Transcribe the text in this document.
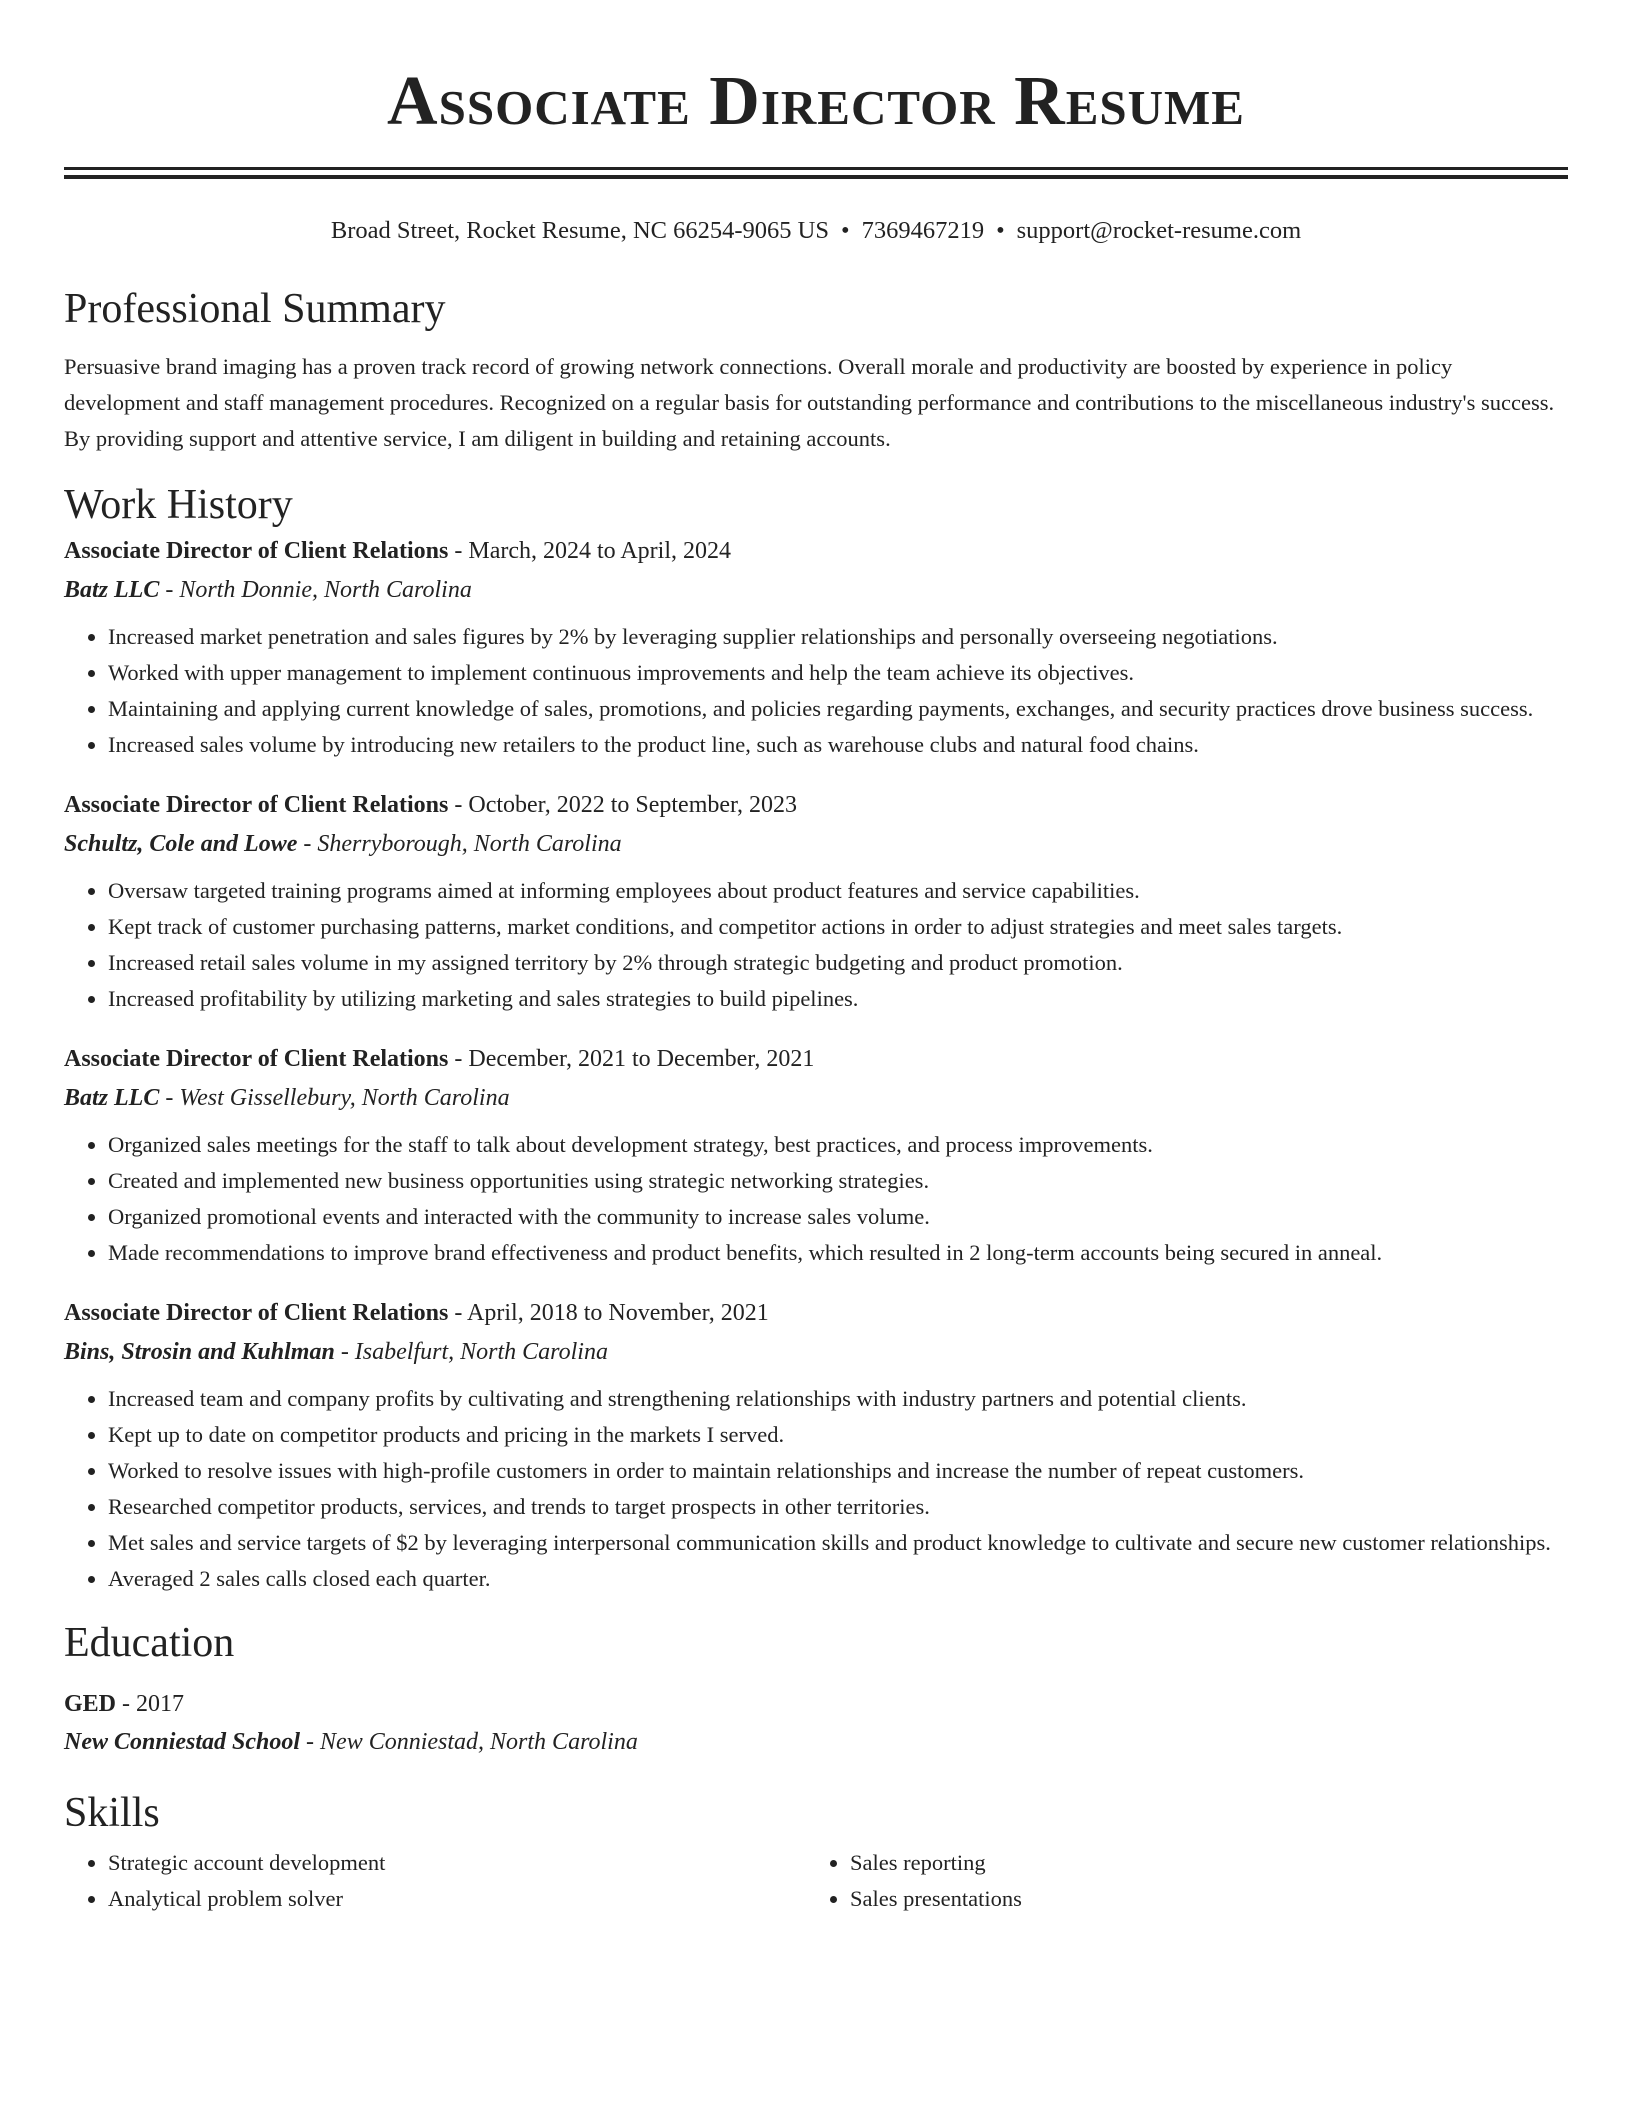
Associate Director Resume
Broad Street, Rocket Resume, NC 66254-9065 US • 7369467219 • support@rocket-resume.com
Professional Summary
Persuasive brand imaging has a proven track record of growing network connections. Overall morale and productivity are boosted by experience in policy development and staff management procedures. Recognized on a regular basis for outstanding performance and contributions to the miscellaneous industry's success. By providing support and attentive service, I am diligent in building and retaining accounts.
Work History
Associate Director of Client Relations - March, 2024 to April, 2024
Batz LLC - North Donnie, North Carolina
• Increased market penetration and sales figures by 2% by leveraging supplier relationships and personally overseeing negotiations.
• Worked with upper management to implement continuous improvements and help the team achieve its objectives.
• Maintaining and applying current knowledge of sales, promotions, and policies regarding payments, exchanges, and security practices drove business success.
• Increased sales volume by introducing new retailers to the product line, such as warehouse clubs and natural food chains.
Associate Director of Client Relations - October, 2022 to September, 2023
Schultz, Cole and Lowe - Sherryborough, North Carolina
• Oversaw targeted training programs aimed at informing employees about product features and service capabilities.
• Kept track of customer purchasing patterns, market conditions, and competitor actions in order to adjust strategies and meet sales targets.
• Increased retail sales volume in my assigned territory by 2% through strategic budgeting and product promotion.
• Increased profitability by utilizing marketing and sales strategies to build pipelines.
Associate Director of Client Relations - December, 2021 to December, 2021
Batz LLC - West Gissellebury, North Carolina
• Organized sales meetings for the staff to talk about development strategy, best practices, and process improvements.
• Created and implemented new business opportunities using strategic networking strategies.
• Organized promotional events and interacted with the community to increase sales volume.
• Made recommendations to improve brand effectiveness and product benefits, which resulted in 2 long-term accounts being secured in anneal.
Associate Director of Client Relations - April, 2018 to November, 2021
Bins, Strosin and Kuhlman - Isabelfurt, North Carolina
• Increased team and company profits by cultivating and strengthening relationships with industry partners and potential clients.
• Kept up to date on competitor products and pricing in the markets I served.
• Worked to resolve issues with high-profile customers in order to maintain relationships and increase the number of repeat customers.
• Researched competitor products, services, and trends to target prospects in other territories.
• Met sales and service targets of $2 by leveraging interpersonal communication skills and product knowledge to cultivate and secure new customer relationships.
• Averaged 2 sales calls closed each quarter.
Education
GED - 2017
New Conniestad School - New Conniestad, North Carolina
Skills
• Strategic account development
• Analytical problem solver
• Sales reporting
• Sales presentations
